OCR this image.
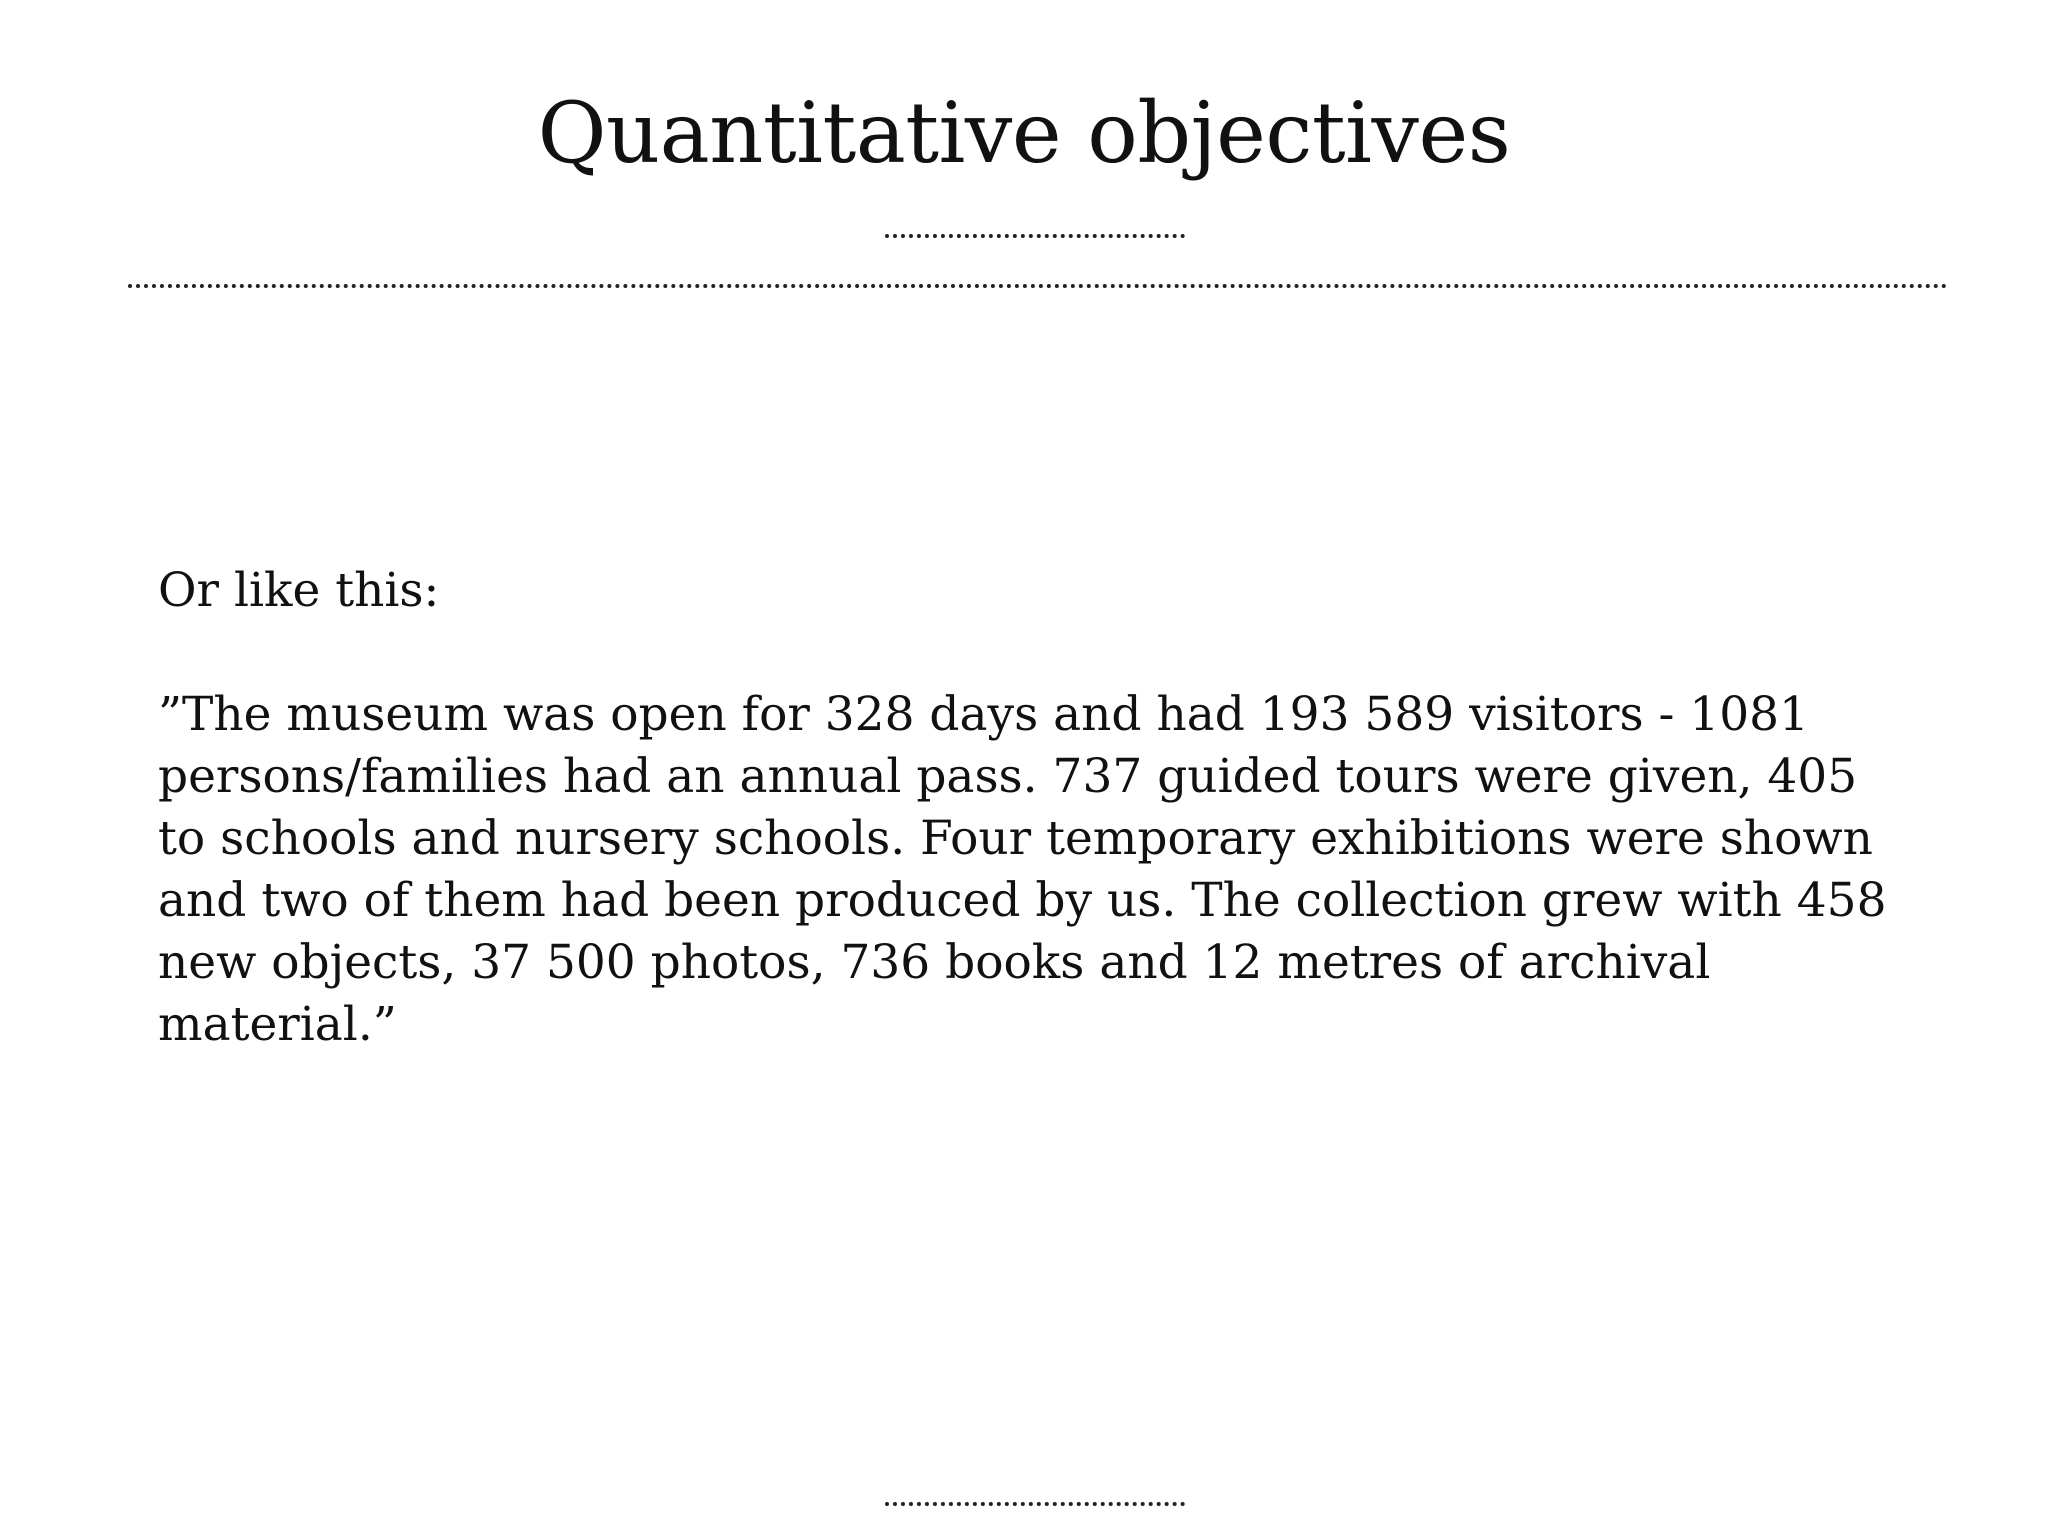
Quantitative objectives

Or like this:

”The museum was open for 328 days and had 193 589 visitors - 1081 persons/families had an annual pass. 737 guided tours were given, 405 to schools and nursery schools. Four temporary exhibitions were shown and two of them had been produced by us. The collection grew with 458 new objects, 37 500 photos, 736 books and 12 metres of archival material.”
